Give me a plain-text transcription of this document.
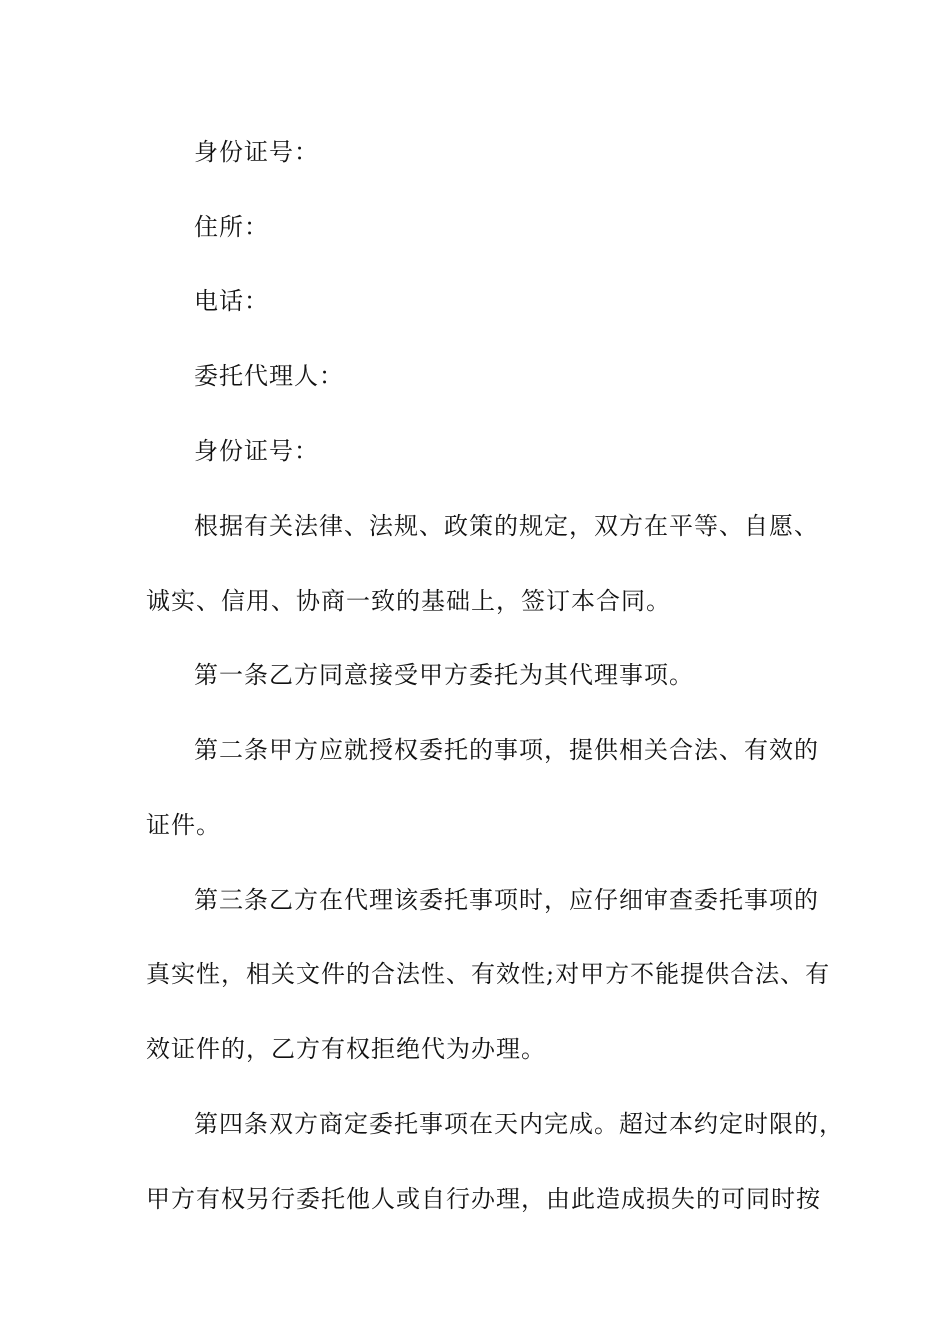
身份证号：
住所：
电话：
委托代理人：
身份证号：
根据有关法律、法规、政策的规定，双方在平等、自愿、
诚实、信用、协商一致的基础上，签订本合同。
第一条乙方同意接受甲方委托为其代理事项。
第二条甲方应就授权委托的事项，提供相关合法、有效的
证件。
第三条乙方在代理该委托事项时，应仔细审查委托事项的
真实性，相关文件的合法性、有效性;对甲方不能提供合法、有
效证件的，乙方有权拒绝代为办理。
第四条双方商定委托事项在天内完成。超过本约定时限的，
甲方有权另行委托他人或自行办理，由此造成损失的可同时按
